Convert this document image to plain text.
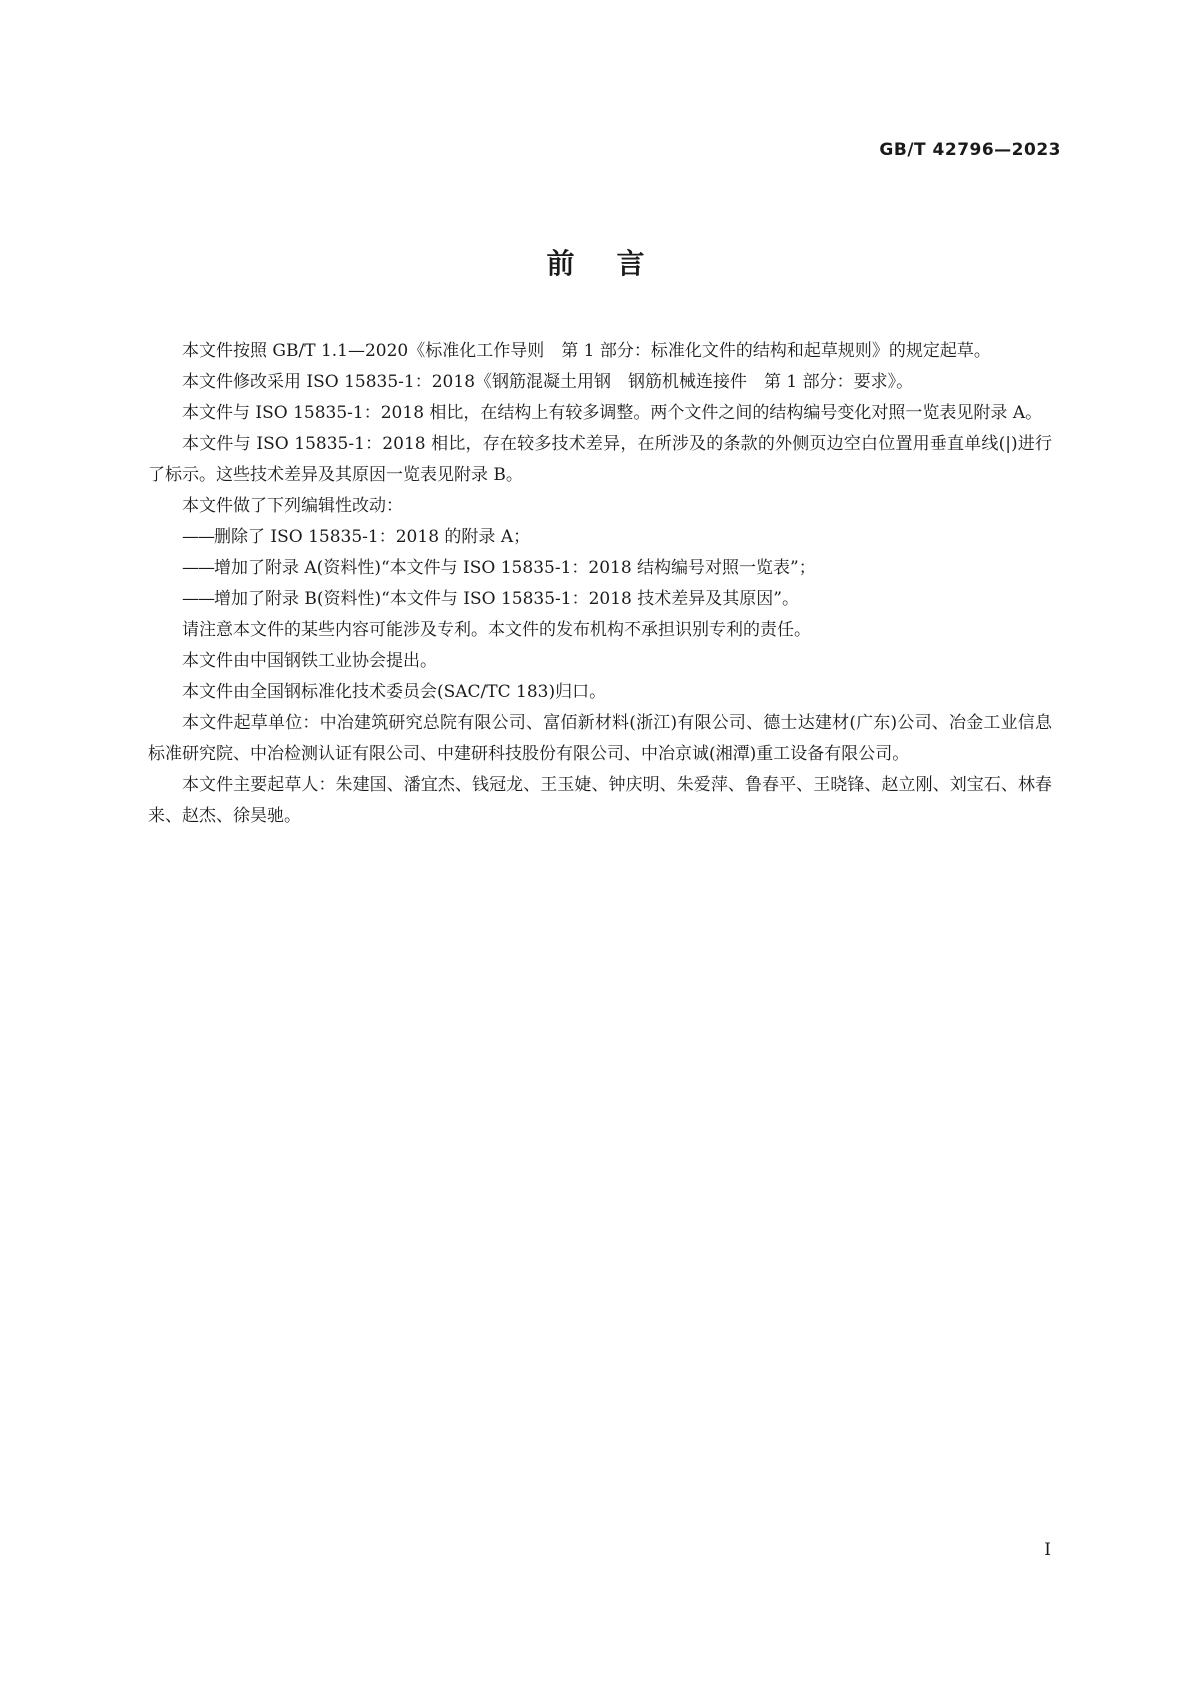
GB/T 42796—2023
前言

本文件按照 GB/T 1.1—2020《标准化工作导则　第 1 部分：标准化文件的结构和起草规则》的规定起草。

本文件修改采用 ISO 15835-1：2018《钢筋混凝土用钢　钢筋机械连接件　第 1 部分：要求》。

本文件与 ISO 15835-1：2018 相比，在结构上有较多调整。两个文件之间的结构编号变化对照一览表见附录 A。

本文件与 ISO 15835-1：2018 相比，存在较多技术差异，在所涉及的条款的外侧页边空白位置用垂直单线(|)进行了标示。这些技术差异及其原因一览表见附录 B。

本文件做了下列编辑性改动：

——删除了 ISO 15835-1：2018 的附录 A；

——增加了附录 A(资料性)“本文件与 ISO 15835-1：2018 结构编号对照一览表”；

——增加了附录 B(资料性)“本文件与 ISO 15835-1：2018 技术差异及其原因”。

请注意本文件的某些内容可能涉及专利。本文件的发布机构不承担识别专利的责任。

本文件由中国钢铁工业协会提出。

本文件由全国钢标准化技术委员会(SAC/TC 183)归口。

本文件起草单位：中冶建筑研究总院有限公司、富佰新材料(浙江)有限公司、德士达建材(广东)公司、冶金工业信息标准研究院、中冶检测认证有限公司、中建研科技股份有限公司、中冶京诚(湘潭)重工设备有限公司。

本文件主要起草人：朱建国、潘宜杰、钱冠龙、王玉婕、钟庆明、朱爱萍、鲁春平、王晓锋、赵立刚、刘宝石、林春来、赵杰、徐昊驰。

I
